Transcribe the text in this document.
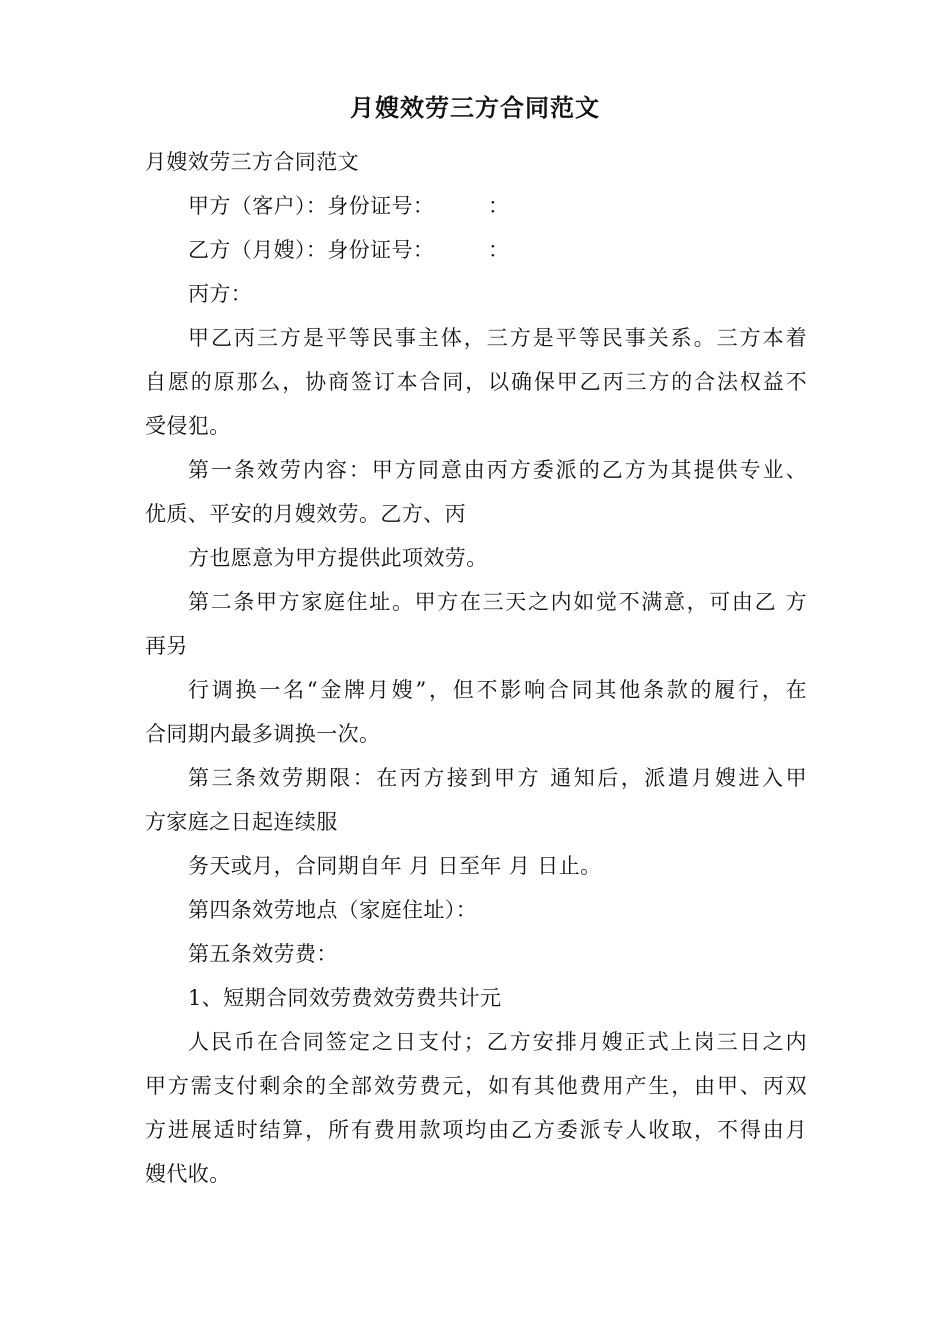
月嫂效劳三方合同范文
月嫂效劳三方合同范文
甲方（客户）：身份证号：　　　：
乙方（月嫂）：身份证号：　　　：
丙方：
甲乙丙三方是平等民事主体，三方是平等民事关系。三方本着
自愿的原那么，协商签订本合同，以确保甲乙丙三方的合法权益不
受侵犯。
第一条效劳内容：甲方同意由丙方委派的乙方为其提供专业、
优质、平安的月嫂效劳。乙方、丙
方也愿意为甲方提供此项效劳。
第二条甲方家庭住址。甲方在三天之内如觉不满意，可由乙 方
再另
行调换一名“金牌月嫂”，但不影响合同其他条款的履行，在
合同期内最多调换一次。
第三条效劳期限：在丙方接到甲方 通知后，派遣月嫂进入甲
方家庭之日起连续服
务天或月，合同期自年 月 日至年 月 日止。
第四条效劳地点（家庭住址）：
第五条效劳费：
1、短期合同效劳费效劳费共计元
人民币在合同签定之日支付；乙方安排月嫂正式上岗三日之内
甲方需支付剩余的全部效劳费元，如有其他费用产生，由甲、丙双
方进展适时结算，所有费用款项均由乙方委派专人收取，不得由月
嫂代收。
